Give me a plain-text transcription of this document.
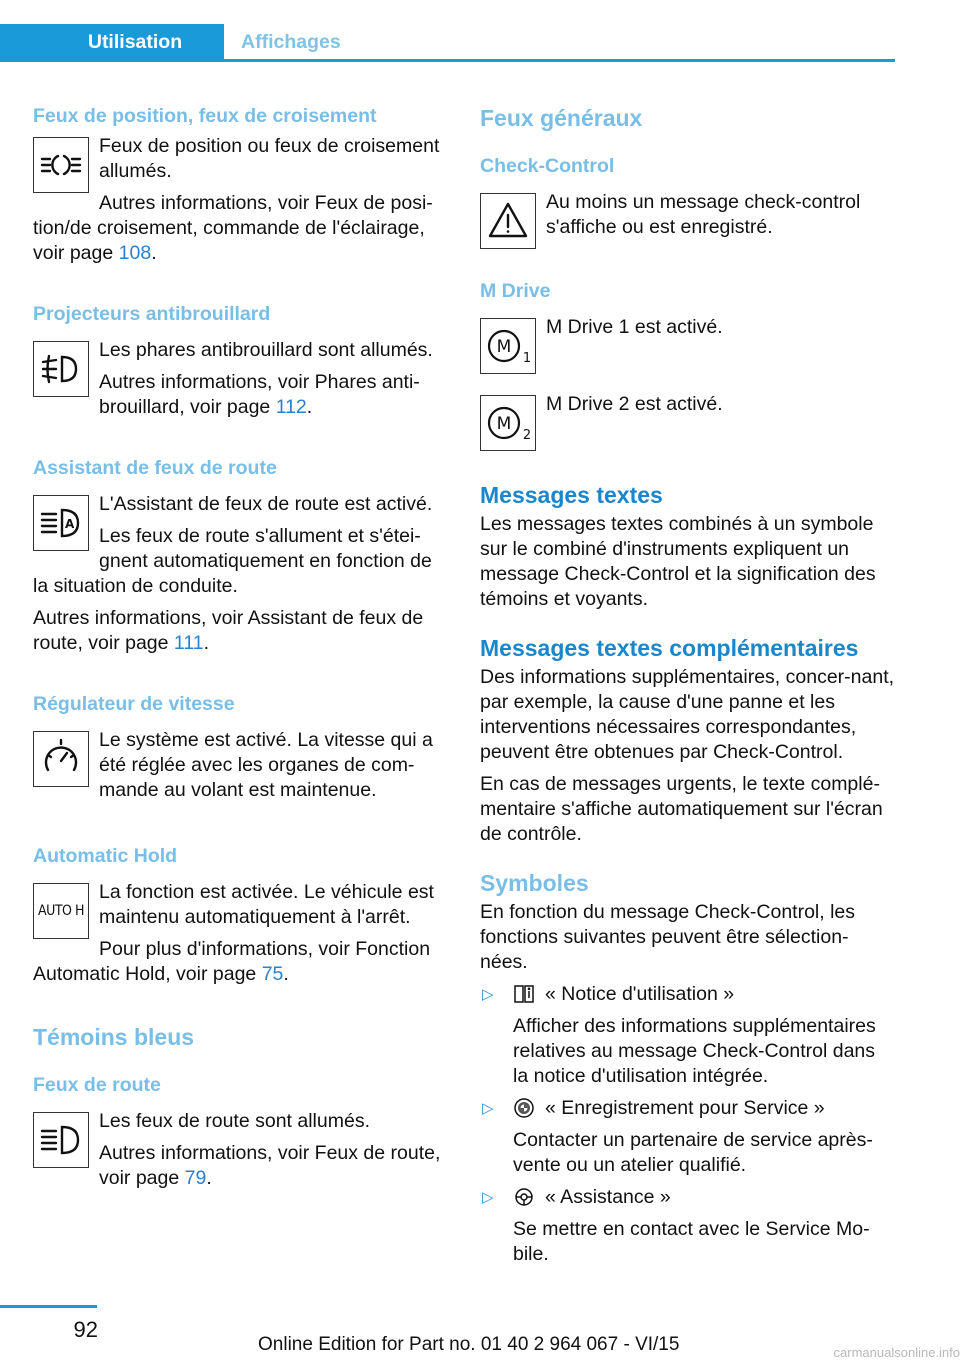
Utilisation	Affichages
Feux de position, feux de croisement

Feux de position ou feux de croisement allumés.

Autres informations, voir Feux de posi-

tion/de croisement, commande de l'éclairage, voir page 108.

Projecteurs antibrouillard

Les phares antibrouillard sont allumés.

Autres informations, voir Phares anti-brouillard, voir page 112.

Assistant de feux de route
A

L'Assistant de feux de route est activé.

Les feux de route s'allument et s'étei-gnent automatiquement en fonction de

la situation de conduite.

Autres informations, voir Assistant de feux de route, voir page 111.

Régulateur de vitesse

Le système est activé. La vitesse qui a été réglée avec les organes de com-mande au volant est maintenue.

Automatic Hold
AUTO H

La fonction est activée. Le véhicule est maintenu automatiquement à l'arrêt.

Pour plus d'informations, voir Fonction

Automatic Hold, voir page 75.

Témoins bleus
Feux de route

Les feux de route sont allumés.

Autres informations, voir Feux de route, voir page 79.

Feux généraux
Check-Control

Au moins un message check-control s'affiche ou est enregistré.

M Drive
M
1

M Drive 1 est activé.

M
2

M Drive 2 est activé.

Messages textes

Les messages textes combinés à un symbole sur le combiné d'instruments expliquent un message Check-Control et la signification des témoins et voyants.

Messages textes complémentaires

Des informations supplémentaires, concer-nant, par exemple, la cause d'une panne et les interventions nécessaires correspondantes, peuvent être obtenues par Check-Control.

En cas de messages urgents, le texte complé-mentaire s'affiche automatiquement sur l'écran de contrôle.

Symboles

En fonction du message Check-Control, les fonctions suivantes peuvent être sélection-nées.

▷	« Notice d'utilisation »

Afficher des informations supplémentaires relatives au message Check-Control dans la notice d'utilisation intégrée.

▷	« Enregistrement pour Service »

Contacter un partenaire de service après-vente ou un atelier qualifié.

▷	« Assistance »

Se mettre en contact avec le Service Mo-bile.

92
Online Edition for Part no. 01 40 2 964 067 - VI/15	carmanualsonline.info
